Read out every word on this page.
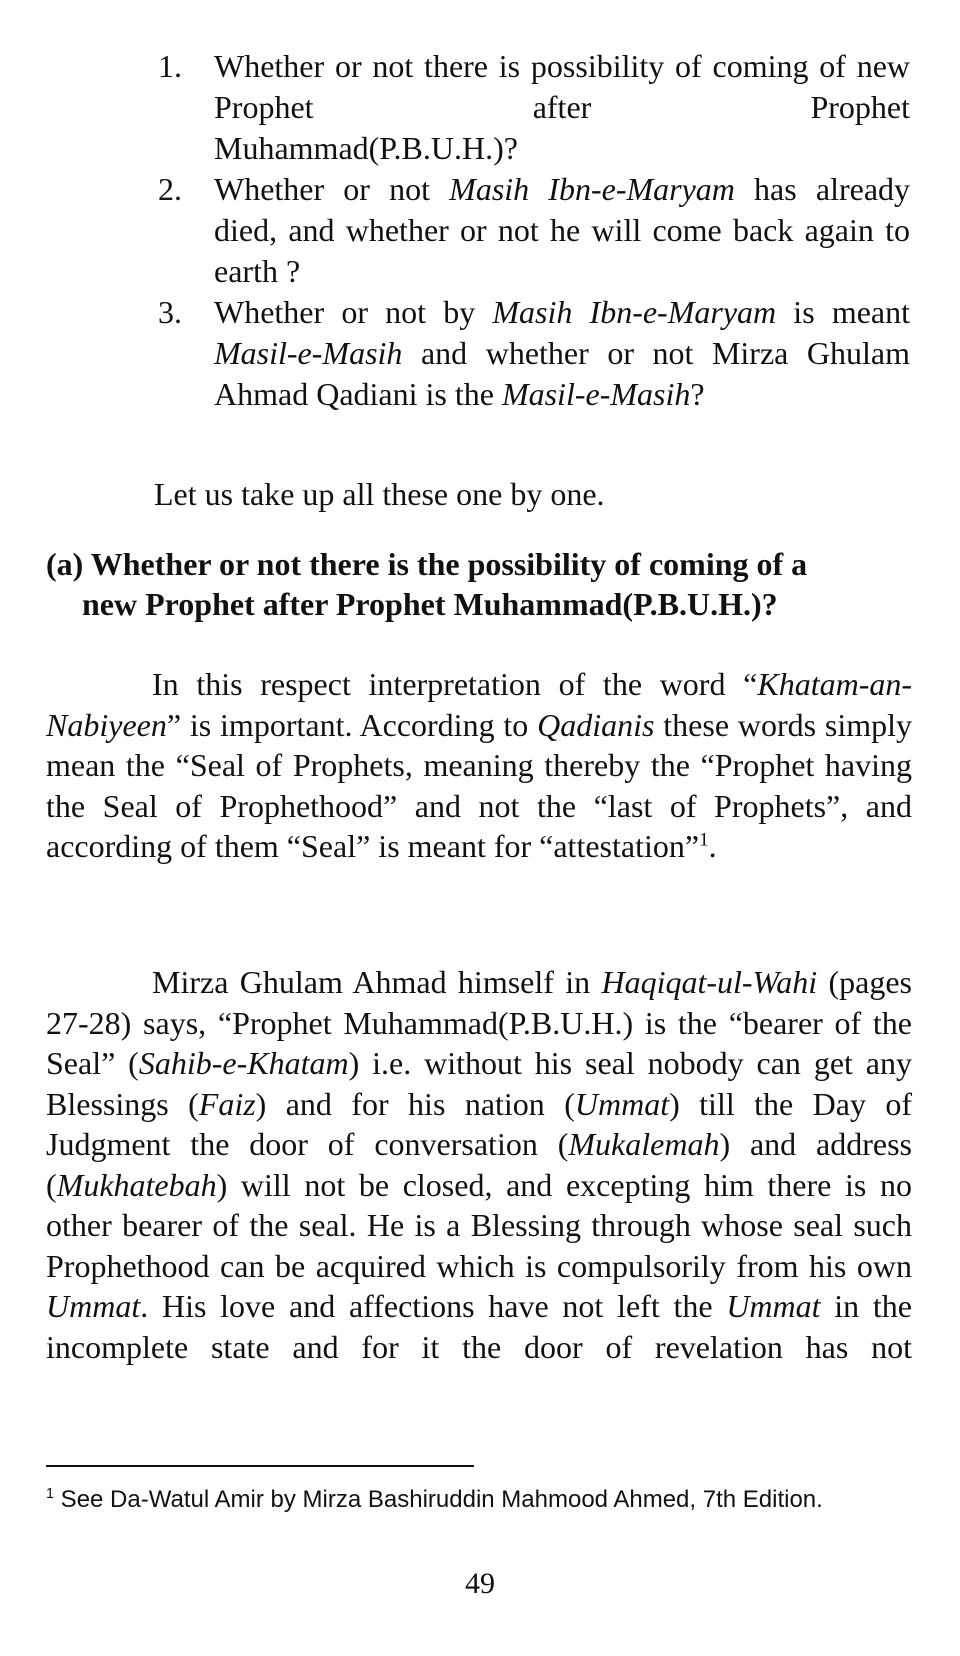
1. Whether or not there is possibility of coming of new Prophet after Prophet
Muhammad(P.B.U.H.)?
2. Whether or not Masih Ibn-e-Maryam has already died, and whether or not he will come back again to earth ?
3. Whether or not by Masih Ibn-e-Maryam is meant Masil-e-Masih and whether or not Mirza Ghulam Ahmad Qadiani is the Masil-e-Masih?

Let us take up all these one by one.

(a) Whether or not there is the possibility of coming of a
new Prophet after Prophet Muhammad(P.B.U.H.)?

In this respect interpretation of the word “Khatam-an-Nabiyeen” is important. According to Qadianis these words simply mean the “Seal of Prophets, meaning thereby the “Prophet having the Seal of Prophethood” and not the “last of Prophets”, and according of them “Seal” is meant for “attestation”$^1$.

Mirza Ghulam Ahmad himself in Haqiqat-ul-Wahi (pages 27-28) says, “Prophet Muhammad(P.B.U.H.) is the “bearer of the Seal” (Sahib-e-Khatam) i.e. without his seal nobody can get any Blessings (Faiz) and for his nation (Ummat) till the Day of Judgment the door of conversation (Mukalemah) and address (Mukhatebah) will not be closed, and excepting him there is no other bearer of the seal. He is a Blessing through whose seal such Prophethood can be acquired which is compulsorily from his own Ummat. His love and affections have not left the Ummat in the incomplete state and for it the door of revelation has not

$^1$ See Da-Watul Amir by Mirza Bashiruddin Mahmood Ahmed, 7th Edition.

49
